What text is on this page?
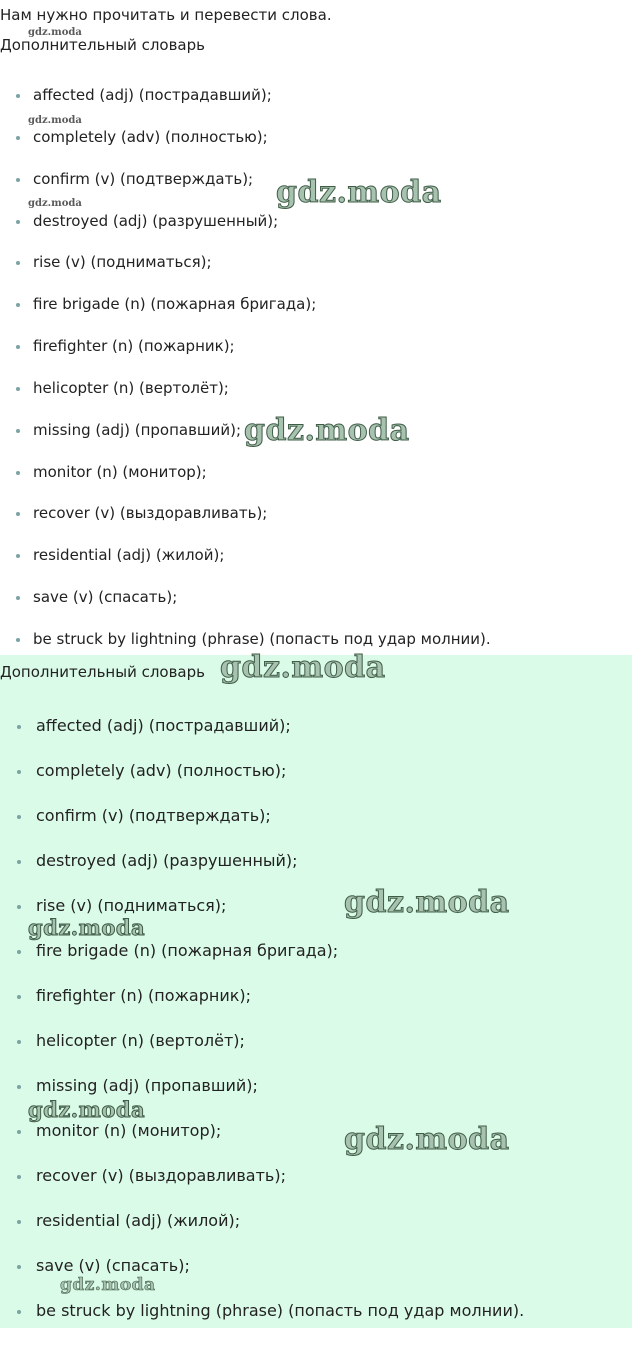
Нам нужно прочитать и перевести слова.

Дополнительный словарь

affected (adj) (пострадавший);
completely (adv) (полностью);
confirm (v) (подтверждать);
destroyed (adj) (разрушенный);
rise (v) (подниматься);
fire brigade (n) (пожарная бригада);
firefighter (n) (пожарник);
helicopter (n) (вертолёт);
missing (adj) (пропавший);
monitor (n) (монитор);
recover (v) (выздоравливать);
residential (adj) (жилой);
save (v) (спасать);
be struck by lightning (phrase) (попасть под удар молнии).

Дополнительный словарь

affected (adj) (пострадавший);
completely (adv) (полностью);
confirm (v) (подтверждать);
destroyed (adj) (разрушенный);
rise (v) (подниматься);
fire brigade (n) (пожарная бригада);
firefighter (n) (пожарник);
helicopter (n) (вертолёт);
missing (adj) (пропавший);
monitor (n) (монитор);
recover (v) (выздоравливать);
residential (adj) (жилой);
save (v) (спасать);
be struck by lightning (phrase) (попасть под удар молнии).
gdz.moda
gdz.moda
gdz.moda	gdz.moda
gdz.moda
gdz.moda
gdz.moda
gdz.moda
gdz.moda
gdz.moda
gdz.moda
